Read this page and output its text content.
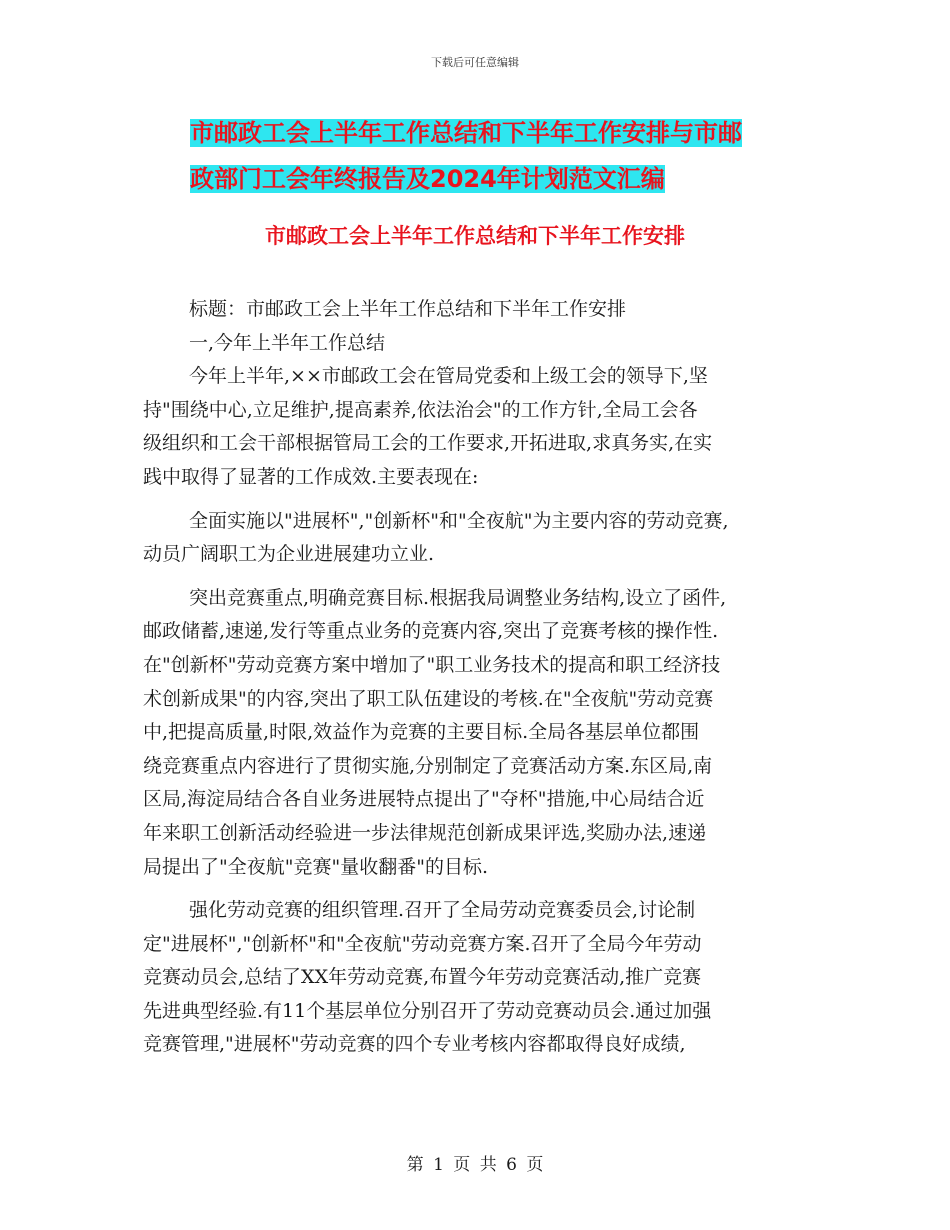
下载后可任意编辑
市邮政工会上半年工作总结和下半年工作安排与市邮
政部门工会年终报告及2024年计划范文汇编
市邮政工会上半年工作总结和下半年工作安排
标题：市邮政工会上半年工作总结和下半年工作安排
一,今年上半年工作总结
今年上半年,××市邮政工会在管局党委和上级工会的领导下,坚
持"围绕中心,立足维护,提高素养,依法治会"的工作方针,全局工会各
级组织和工会干部根据管局工会的工作要求,开拓进取,求真务实,在实
践中取得了显著的工作成效.主要表现在:
全面实施以"进展杯","创新杯"和"全夜航"为主要内容的劳动竞赛,
动员广阔职工为企业进展建功立业.
突出竞赛重点,明确竞赛目标.根据我局调整业务结构,设立了函件,
邮政储蓄,速递,发行等重点业务的竞赛内容,突出了竞赛考核的操作性.
在"创新杯"劳动竞赛方案中增加了"职工业务技术的提高和职工经济技
术创新成果"的内容,突出了职工队伍建设的考核.在"全夜航"劳动竞赛
中,把提高质量,时限,效益作为竞赛的主要目标.全局各基层单位都围
绕竞赛重点内容进行了贯彻实施,分别制定了竞赛活动方案.东区局,南
区局,海淀局结合各自业务进展特点提出了"夺杯"措施,中心局结合近
年来职工创新活动经验进一步法律规范创新成果评选,奖励办法,速递
局提出了"全夜航"竞赛"量收翻番"的目标.
强化劳动竞赛的组织管理.召开了全局劳动竞赛委员会,讨论制
定"进展杯","创新杯"和"全夜航"劳动竞赛方案.召开了全局今年劳动
竞赛动员会,总结了XX年劳动竞赛,布置今年劳动竞赛活动,推广竞赛
先进典型经验.有11个基层单位分别召开了劳动竞赛动员会.通过加强
竞赛管理,"进展杯"劳动竞赛的四个专业考核内容都取得良好成绩,
第 1 页 共 6 页
